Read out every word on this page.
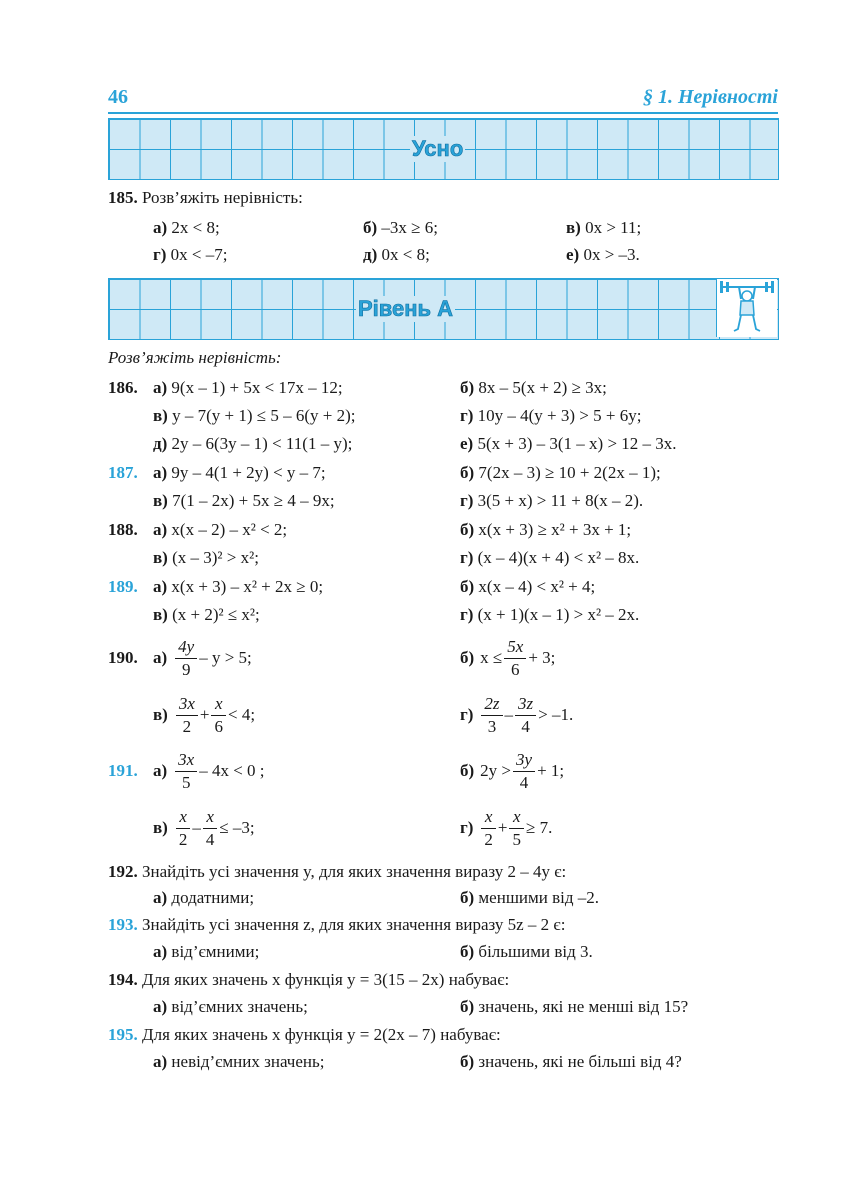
46	§ 1. Нерівності
Усно
185. Розв’яжіть нерівність:
а) 2x < 8;	б) –3x ≥ 6;	в) 0x > 11;
г) 0x < –7;	д) 0x < 8;	е) 0x > –3.
Рівень А
Розв’яжіть нерівність:
186. а) 9(x – 1) + 5x < 17x – 12;	б) 8x – 5(x + 2) ≥ 3x;
в) y – 7(y + 1) ≤ 5 – 6(y + 2);	г) 10y – 4(y + 3) > 5 + 6y;
д) 2y – 6(3y – 1) < 11(1 – y);	е) 5(x + 3) – 3(1 – x) > 12 – 3x.
187. а) 9y – 4(1 + 2y) < y – 7;	б) 7(2x – 3) ≥ 10 + 2(2x – 1);
в) 7(1 – 2x) + 5x ≥ 4 – 9x;	г) 3(5 + x) > 11 + 8(x – 2).
188. а) x(x – 2) – x² < 2;	б) x(x + 3) ≥ x² + 3x + 1;
в) (x – 3)² > x²;	г) (x – 4)(x + 4) < x² – 8x.
189. а) x(x + 3) – x² + 2x ≥ 0;	б) x(x – 4) < x² + 4;
в) (x + 2)² ≤ x²;	г) (x + 1)(x – 1) > x² – 2x.
190. $а) \frac{4y}{9} - y > 5$;	б) $x \le \frac{5x}{6} + 3$;
$в) \frac{3x}{2} + \frac{x}{6} < 4$;	$г) \frac{2z}{3} - \frac{3z}{4} > -1$.
191. $а) \frac{3x}{5} - 4x < 0$ ;	б) $2y > \frac{3y}{4} + 1$;
$в) \frac{x}{2} - \frac{x}{4} \le -3$;	$г) \frac{x}{2} + \frac{x}{5} \ge 7$.
192. Знайдіть усі значення y, для яких значення виразу 2 – 4y є:
а) додатними;	б) меншими від –2.
193. Знайдіть усі значення z, для яких значення виразу 5z – 2 є:
а) від’ємними;	б) більшими від 3.
194. Для яких значень x функція y = 3(15 – 2x) набуває:
а) від’ємних значень;	б) значень, які не менші від 15?
195. Для яких значень x функція y = 2(2x – 7) набуває:
а) невід’ємних значень;	б) значень, які не більші від 4?
